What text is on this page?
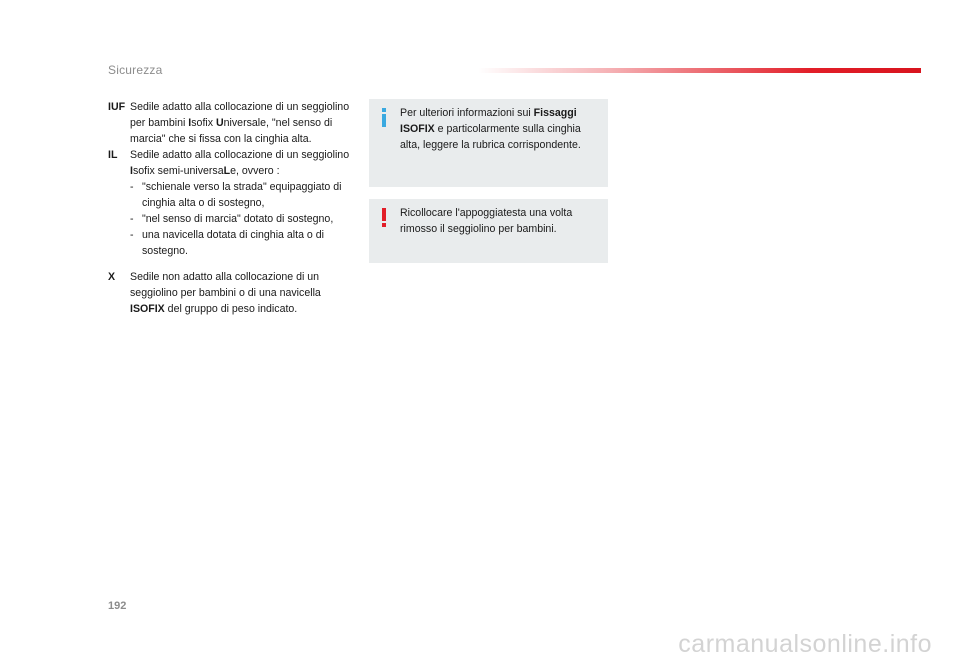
Sicurezza
IUF Sedile adatto alla collocazione di un seggiolino per bambini Isofix Universale, "nel senso di marcia" che si fissa con la cinghia alta.
IL Sedile adatto alla collocazione di un seggiolino Isofix semi-universaLe, ovvero :
- "schienale verso la strada" equipaggiato di cinghia alta o di sostegno,
- "nel senso di marcia" dotato di sostegno,
- una navicella dotata di cinghia alta o di sostegno.
X Sedile non adatto alla collocazione di un seggiolino per bambini o di una navicella ISOFIX del gruppo di peso indicato.
Per ulteriori informazioni sui Fissaggi ISOFIX e particolarmente sulla cinghia alta, leggere la rubrica corrispondente.
Ricollocare l'appoggiatesta una volta rimosso il seggiolino per bambini.
192
carmanualsonline.info
